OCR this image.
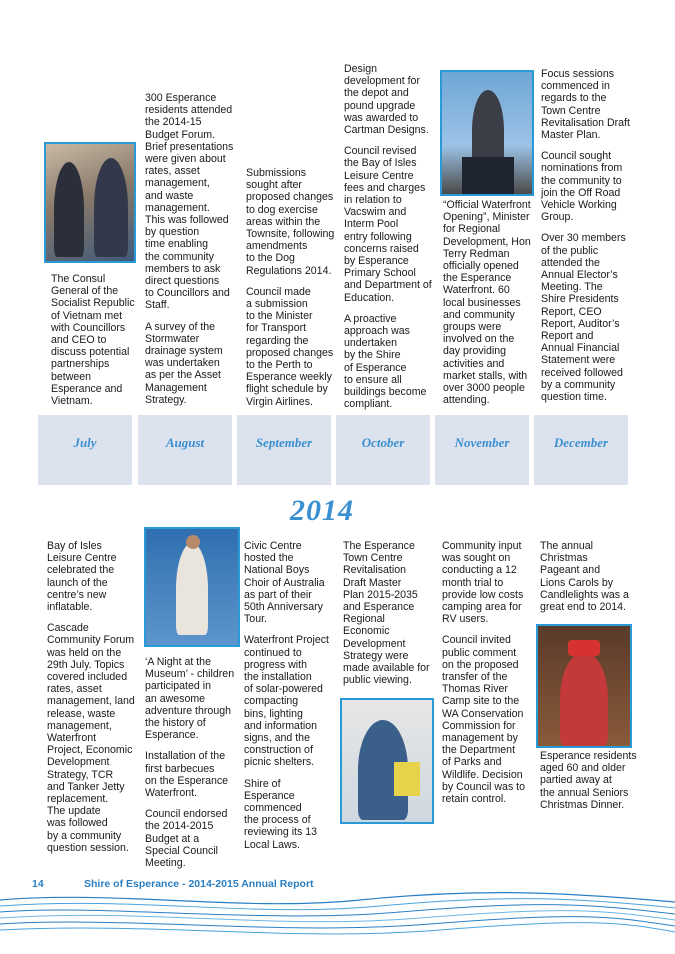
The Consul
General of the
Socialist Republic
of Vietnam met
with Councillors
and CEO to
discuss potential
partnerships
between
Esperance and
Vietnam.

300 Esperance
residents attended
the 2014-15
Budget Forum.
Brief presentations
were given about
rates, asset
management,
and waste
management.
This was followed
by question
time enabling
the community
members to ask
direct questions
to Councillors and
Staff.

A survey of the
Stormwater
drainage system
was undertaken
as per the Asset
Management
Strategy.

Submissions
sought after
proposed changes
to dog exercise
areas within the
Townsite, following
amendments
to the Dog
Regulations 2014.

Council made
a submission
to the Minister
for Transport
regarding the
proposed changes
to the Perth to
Esperance weekly
flight schedule by
Virgin Airlines.

Design
development for
the depot and
pound upgrade
was awarded to
Cartman Designs.

Council revised
the Bay of Isles
Leisure Centre
fees and charges
in relation to
Vacswim and
Interm Pool
entry following
concerns raised
by Esperance
Primary School
and Department of
Education.

A proactive
approach was
undertaken
by the Shire
of Esperance
to ensure all
buildings become
compliant.

“Official Waterfront
Opening”, Minister
for Regional
Development, Hon
Terry Redman
officially opened
the Esperance
Waterfront. 60
local businesses
and community
groups were
involved on the
day providing
activities and
market stalls, with
over 3000 people
attending.

Focus sessions
commenced in
regards to the
Town Centre
Revitalisation Draft
Master Plan.

Council sought
nominations from
the community to
join the Off Road
Vehicle Working
Group.

Over 30 members
of the public
attended the
Annual Elector’s
Meeting. The
Shire Presidents
Report, CEO
Report, Auditor’s
Report and
Annual Financial
Statement were
received followed
by a community
question time.

July	August	September	October	November	December
2014

Bay of Isles
Leisure Centre
celebrated the
launch of the
centre’s new
inflatable.

Cascade
Community Forum
was held on the
29th July. Topics
covered included
rates, asset
management, land
release, waste
management,
Waterfront
Project, Economic
Development
Strategy, TCR
and Tanker Jetty
replacement.
The update
was followed
by a community
question session.

‘A Night at the
Museum’ - children
participated in
an awesome
adventure through
the history of
Esperance.

Installation of the
first barbecues
on the Esperance
Waterfront.

Council endorsed
the 2014-2015
Budget at a
Special Council
Meeting.

Civic Centre
hosted the
National Boys
Choir of Australia
as part of their
50th Anniversary
Tour.

Waterfront Project
continued to
progress with
the installation
of solar-powered
compacting
bins, lighting
and information
signs, and the
construction of
picnic shelters.

Shire of
Esperance
commenced
the process of
reviewing its 13
Local Laws.

The Esperance
Town Centre
Revitalisation
Draft Master
Plan 2015-2035
and Esperance
Regional
Economic
Development
Strategy were
made available for
public viewing.

Community input
was sought on
conducting a 12
month trial to
provide low costs
camping area for
RV users.

Council invited
public comment
on the proposed
transfer of the
Thomas River
Camp site to the
WA Conservation
Commission for
management by
the Department
of Parks and
Wildlife. Decision
by Council was to
retain control.

The annual
Christmas
Pageant and
Lions Carols by
Candlelights was a
great end to 2014.

Esperance residents
aged 60 and older
partied away at
the annual Seniors
Christmas Dinner.

14	Shire of Esperance - 2014-2015 Annual Report
